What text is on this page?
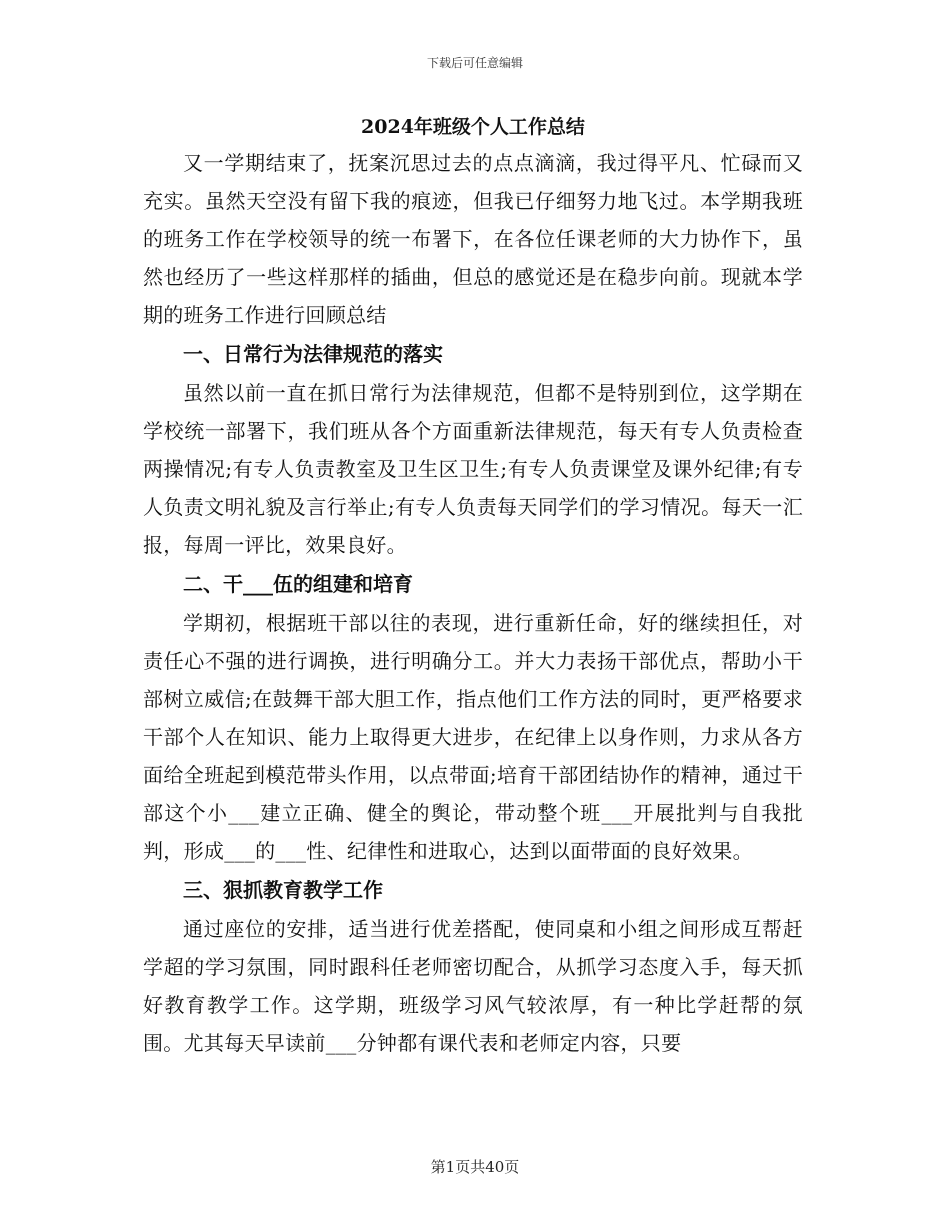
下载后可任意编辑
2024年班级个人工作总结

又一学期结束了，抚案沉思过去的点点滴滴，我过得平凡、忙碌而又充实。虽然天空没有留下我的痕迹，但我已仔细努力地飞过。本学期我班的班务工作在学校领导的统一布署下，在各位任课老师的大力协作下，虽然也经历了一些这样那样的插曲，但总的感觉还是在稳步向前。现就本学期的班务工作进行回顾总结

一、日常行为法律规范的落实

虽然以前一直在抓日常行为法律规范，但都不是特别到位，这学期在学校统一部署下，我们班从各个方面重新法律规范，每天有专人负责检查两操情况;有专人负责教室及卫生区卫生;有专人负责课堂及课外纪律;有专人负责文明礼貌及言行举止;有专人负责每天同学们的学习情况。每天一汇报，每周一评比，效果良好。

二、干___伍的组建和培育

学期初，根据班干部以往的表现，进行重新任命，好的继续担任，对责任心不强的进行调换，进行明确分工。并大力表扬干部优点，帮助小干部树立威信;在鼓舞干部大胆工作，指点他们工作方法的同时，更严格要求干部个人在知识、能力上取得更大进步，在纪律上以身作则，力求从各方面给全班起到模范带头作用，以点带面;培育干部团结协作的精神，通过干部这个小___建立正确、健全的舆论，带动整个班___开展批判与自我批判，形成___的___性、纪律性和进取心，达到以面带面的良好效果。

三、狠抓教育教学工作

通过座位的安排，适当进行优差搭配，使同桌和小组之间形成互帮赶学超的学习氛围，同时跟科任老师密切配合，从抓学习态度入手，每天抓好教育教学工作。这学期，班级学习风气较浓厚，有一种比学赶帮的氛围。尤其每天早读前___分钟都有课代表和老师定内容，只要

第1页共40页
